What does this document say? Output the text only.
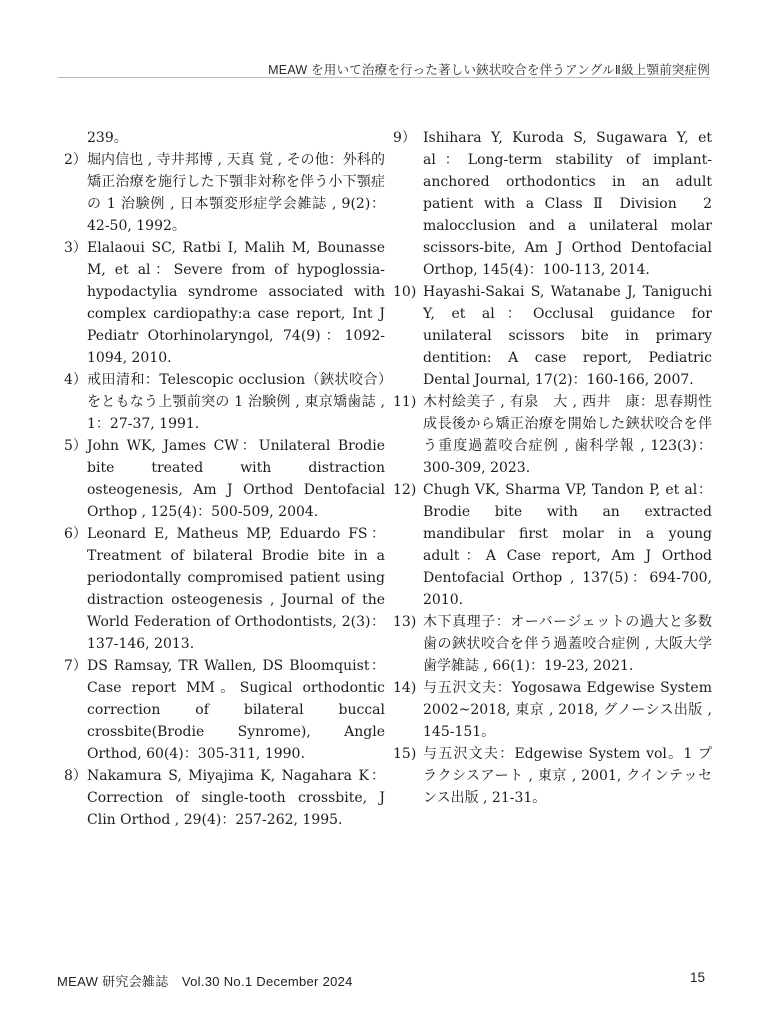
MEAW を用いて治療を行った著しい鋏状咬合を伴うアングルⅡ級上顎前突症例
239。
2） 堀内信也 , 寺井邦博 , 天真 覚 , その他：外科的矯正治療を施行した下顎非対称を伴う小下顎症の 1 治験例 , 日本顎変形症学会雑誌 , 9(2)：42-50, 1992。
3） Elalaoui SC, Ratbi I, Malih M, Bounasse M, et al：Severe from of hypoglossia-hypodactylia syndrome associated with complex cardiopathy:a case report, Int J Pediatr Otorhinolaryngol, 74(9)：1092-1094, 2010.
4） 戒田清和：Telescopic occlusion（鋏状咬合）をともなう上顎前突の 1 治験例 , 東京矯歯誌 , 1：27-37, 1991.
5） John WK, James CW：Unilateral Brodie bite treated with distraction osteogenesis, Am J Orthod Dentofacial Orthop , 125(4)：500-509, 2004.
6） Leonard E, Matheus MP, Eduardo FS：Treatment of bilateral Brodie bite in a periodontally compromised patient using distraction osteogenesis , Journal of the World Federation of Orthodontists, 2(3)：137-146, 2013.
7） DS Ramsay, TR Wallen, DS Bloomquist：Case report MM。Sugical orthodontic correction of bilateral buccal crossbite(Brodie Synrome), Angle Orthod, 60(4)：305-311, 1990.
8） Nakamura S, Miyajima K, Nagahara K：Correction of single-tooth crossbite, J Clin Orthod , 29(4)：257-262, 1995.
9） Ishihara Y, Kuroda S, Sugawara Y, et al：Long-term stability of implant-anchored orthodontics in an adult patient with a Class Ⅱ Division　2 malocclusion and a unilateral molar scissors-bite, Am J Orthod Dentofacial Orthop, 145(4)：100-113, 2014.
10) Hayashi-Sakai S, Watanabe J, Taniguchi Y, et al：Occlusal guidance for unilateral scissors bite in primary dentition: A case report, Pediatric Dental Journal, 17(2)：160-166, 2007.
11) 木村絵美子 , 有泉　大 , 西井　康：思春期性成長後から矯正治療を開始した鋏状咬合を伴う重度過蓋咬合症例 , 歯科学報 , 123(3)：300-309, 2023.
12) Chugh VK, Sharma VP, Tandon P, et al：Brodie bite with an extracted mandibular first molar in a young adult：A Case report, Am J Orthod Dentofacial Orthop , 137(5)：694-700, 2010.
13) 木下真理子：オーバージェットの過大と多数歯の鋏状咬合を伴う過蓋咬合症例 , 大阪大学歯学雑誌 , 66(1)：19-23, 2021.
14) 与五沢文夫：Yogosawa Edgewise System 2002~2018, 東京 , 2018, グノーシス出版 , 145-151。
15) 与五沢文夫：Edgewise System vol。1 プラクシスアート , 東京 , 2001, クインテッセンス出版 , 21-31。
MEAW 研究会雑誌　Vol.30 No.1 December 2024	15
